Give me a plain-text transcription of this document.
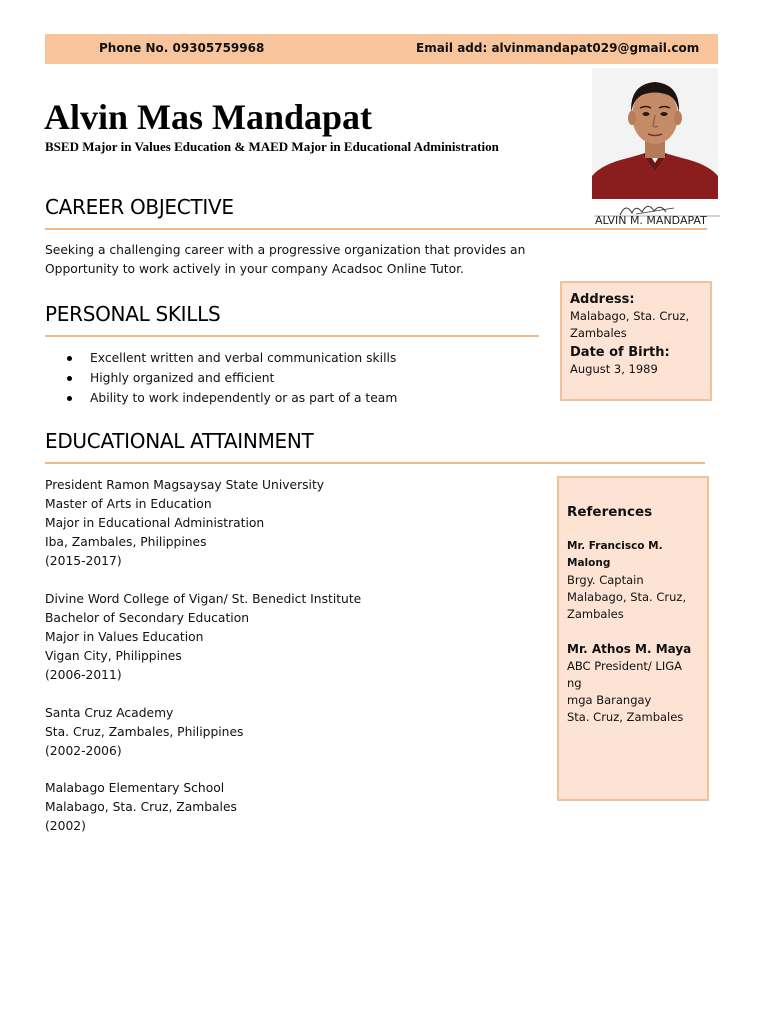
Phone No. 09305759968	Email add: alvinmandapat029@gmail.com
Alvin Mas Mandapat
BSED Major in Values Education & MAED Major in Educational Administration
ALVIN M. MANDAPAT
CAREER OBJECTIVE
Seeking a challenging career with a progressive organization that provides an
Opportunity to work actively in your company Acadsoc Online Tutor.
PERSONAL SKILLS
Excellent written and verbal communication skills
Highly organized and efficient
Ability to work independently or as part of a team
Address:
Malabago, Sta. Cruz,
Zambales
Date of Birth:
August 3, 1989
EDUCATIONAL ATTAINMENT
President Ramon Magsaysay State University
Master of Arts in Education
Major in Educational Administration
Iba, Zambales, Philippines
(2015-2017)
Divine Word College of Vigan/ St. Benedict Institute
Bachelor of Secondary Education
Major in Values Education
Vigan City, Philippines
(2006-2011)
Santa Cruz Academy
Sta. Cruz, Zambales, Philippines
(2002-2006)
Malabago Elementary School
Malabago, Sta. Cruz, Zambales
(2002)
References
Mr. Francisco M. Malong
Brgy. Captain
Malabago, Sta. Cruz,
Zambales
Mr. Athos M. Maya
ABC President/ LIGA ng
mga Barangay
Sta. Cruz, Zambales
